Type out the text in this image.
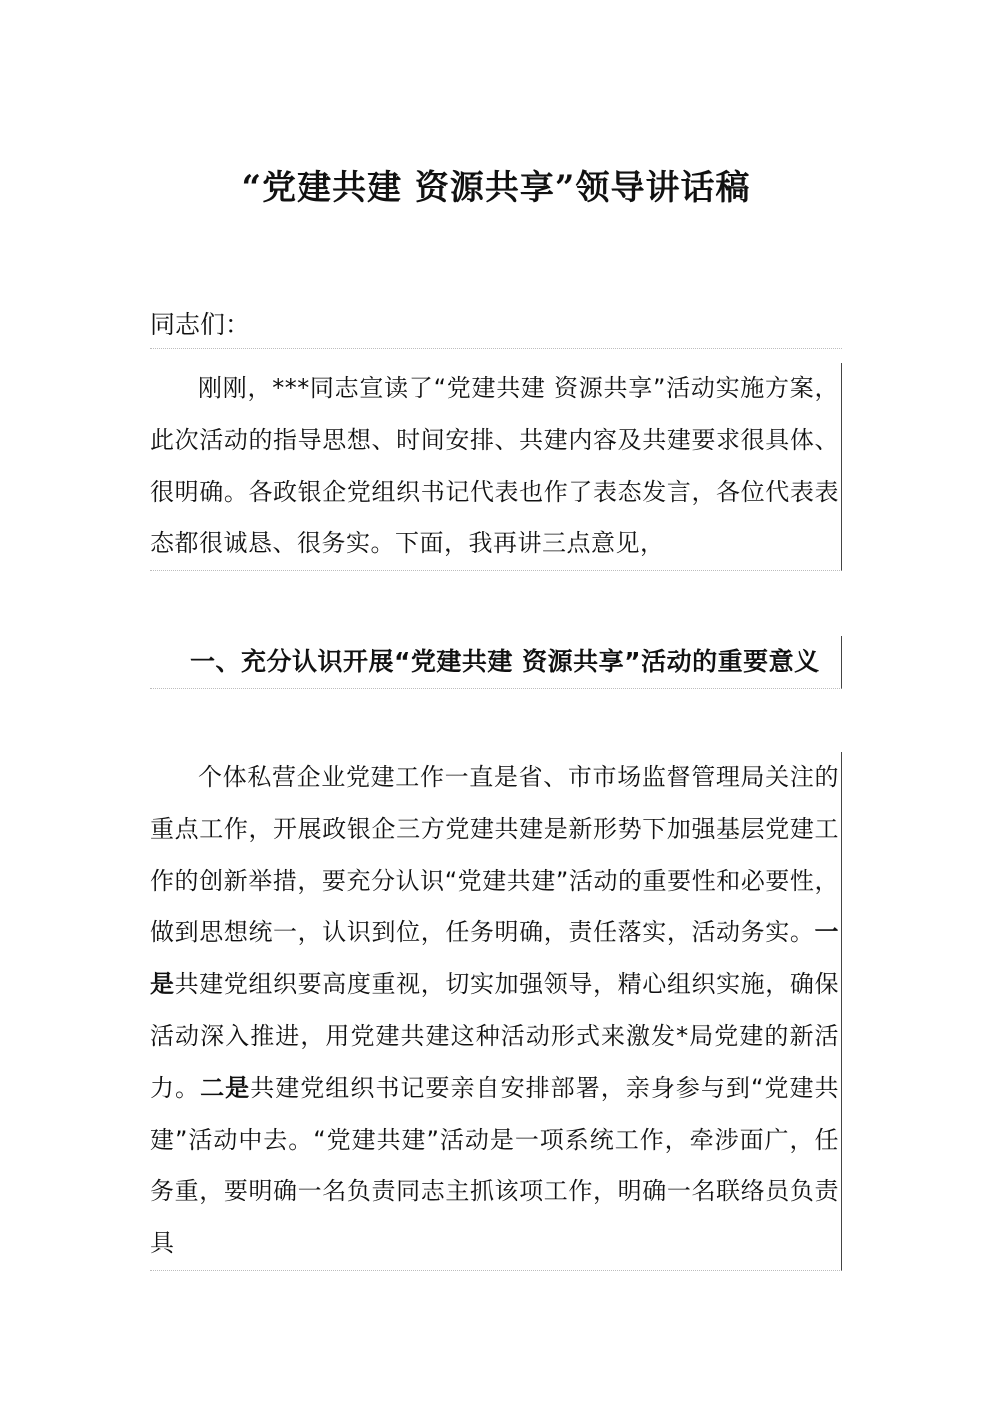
“党建共建 资源共享”领导讲话稿
同志们：
刚刚，***同志宣读了“党建共建 资源共享”活动实施方案，此次活动的指导思想、时间安排、共建内容及共建要求很具体、很明确。各政银企党组织书记代表也作了表态发言，各位代表表态都很诚恳、很务实。下面，我再讲三点意见，
一、充分认识开展“党建共建 资源共享”活动的重要意义
个体私营企业党建工作一直是省、市市场监督管理局关注的重点工作，开展政银企三方党建共建是新形势下加强基层党建工作的创新举措，要充分认识“党建共建”活动的重要性和必要性，做到思想统一，认识到位，任务明确，责任落实，活动务实。一是共建党组织要高度重视，切实加强领导，精心组织实施，确保活动深入推进，用党建共建这种活动形式来激发*局党建的新活力。二是共建党组织书记要亲自安排部署，亲身参与到“党建共建”活动中去。“党建共建”活动是一项系统工作，牵涉面广，任务重，要明确一名负责同志主抓该项工作，明确一名联络员负责具
